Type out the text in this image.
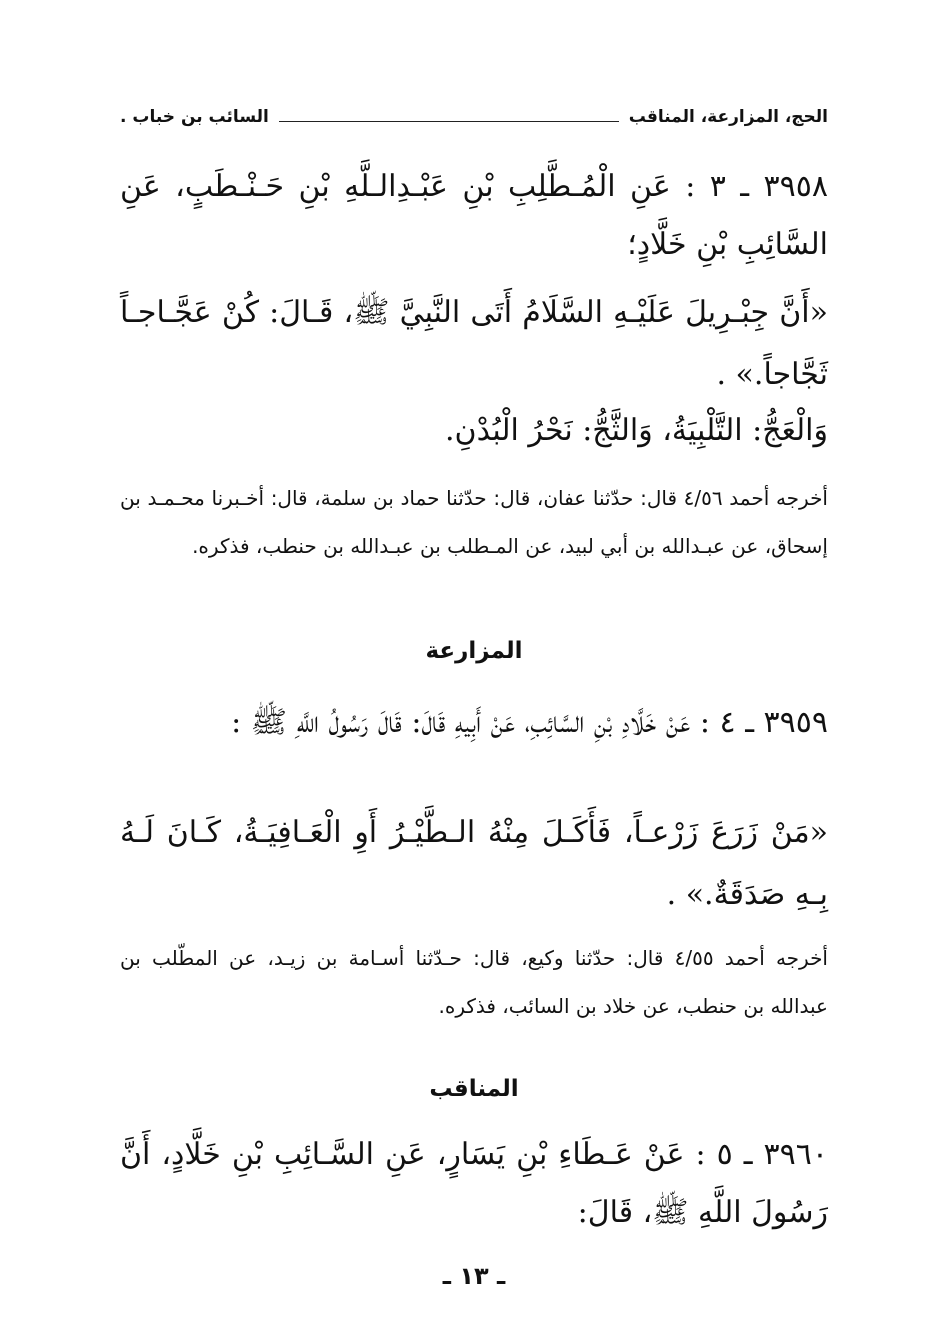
الحج، المزارعة، المناقب
السائب بن خباب .

٣٩٥٨ ـ ٣ : عَنِ الْمُـطَّلِبِ بْنِ عَبْـدِالـلَّهِ بْنِ حَـنْـطَبٍ، عَنِ السَّائِبِ بْنِ خَلَّادٍ؛

«أَنَّ جِبْـرِيلَ عَلَيْـهِ السَّلَامُ أَتَى النَّبِيَّ ﷺ، قَـالَ: كُنْ عَجَّـاجـاً ثَجَّاجاً.» .

وَالْعَجُّ: التَّلْبِيَةُ، وَالثَّجُّ: نَحْرُ الْبُدْنِ.

أخرجه أحمد ٤/٥٦ قال: حدّثنا عفان، قال: حدّثنا حماد بن سلمة، قال: أخـبرنا محـمـد بن إسحاق، عن عبـدالله بن أبي لبيد، عن المـطلب بن عبـدالله بن حنطب، فذكره.

المزارعة

٣٩٥٩ ـ ٤ : عَنْ خَلَّادِ بْنِ السَّائِبِ، عَنْ أَبِيهِ قَالَ: قَالَ رَسُولُ اللَّهِ ﷺ :

«مَنْ زَرَعَ زَرْعـاً، فَأَكَـلَ مِنْهُ الـطَّيْـرُ أَوِ الْعَـافِيَـةُ، كَـانَ لَـهُ بِـهِ صَدَقَةٌ.» .

أخرجه أحمد ٤/٥٥ قال: حدّثنا وكيع، قال: حـدّثنا أسـامة بن زيـد، عن المطّلب بن عبدالله بن حنطب، عن خلاد بن السائب، فذكره.

المناقب

٣٩٦٠ ـ ٥ : عَنْ عَـطَاءِ بْنِ يَسَارٍ، عَنِ السَّـائِبِ بْنِ خَلَّادٍ، أَنَّ رَسُولَ اللَّهِ ﷺ، قَالَ:

ـ ١٣ ـ
